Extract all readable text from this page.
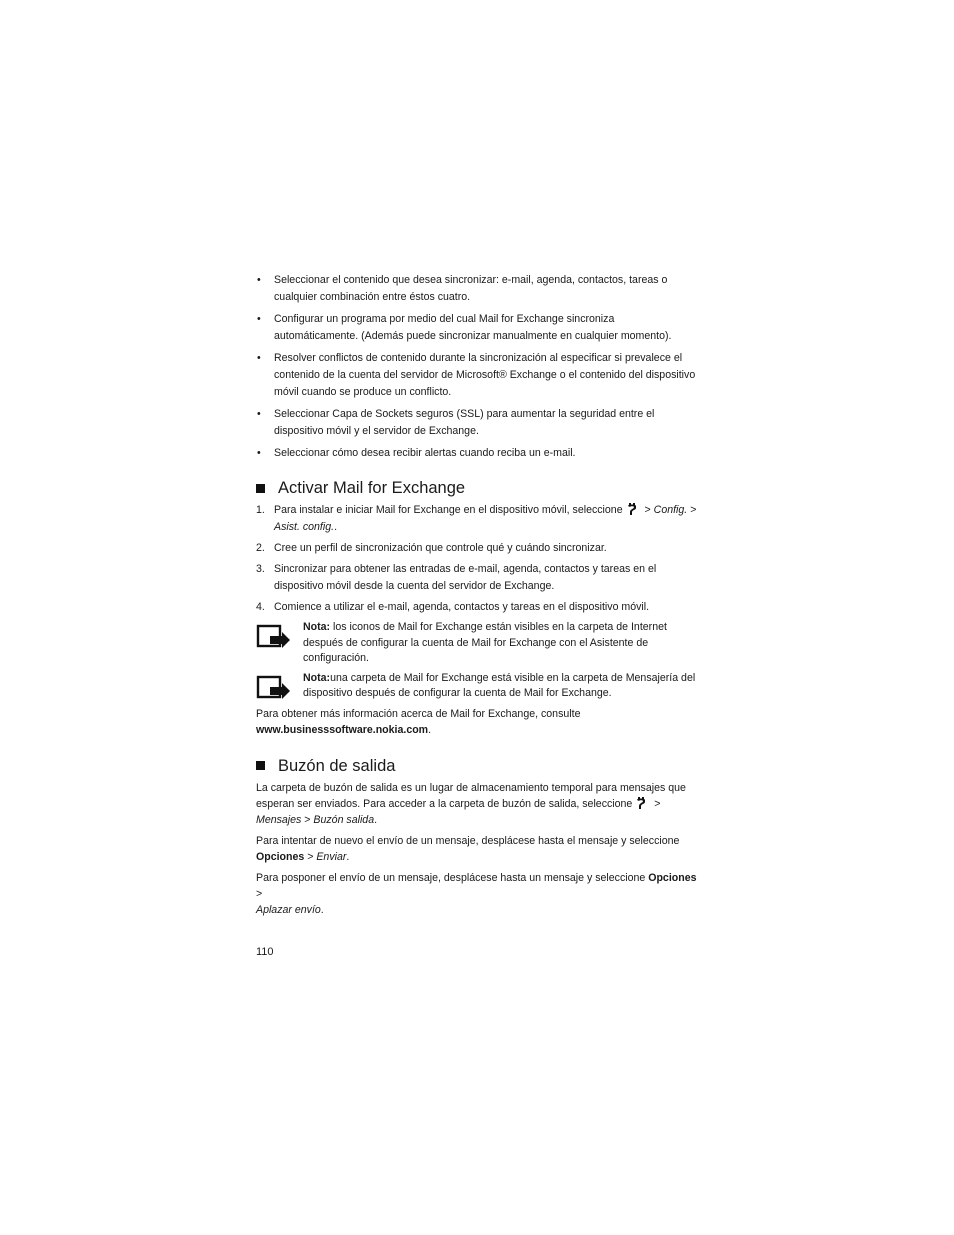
• Seleccionar el contenido que desea sincronizar: e-mail, agenda, contactos, tareas o cualquier combinación entre éstos cuatro.
• Configurar un programa por medio del cual Mail for Exchange sincroniza automáticamente. (Además puede sincronizar manualmente en cualquier momento).
• Resolver conflictos de contenido durante la sincronización al especificar si prevalece el contenido de la cuenta del servidor de Microsoft® Exchange o el contenido del dispositivo móvil cuando se produce un conflicto.
• Seleccionar Capa de Sockets seguros (SSL) para aumentar la seguridad entre el dispositivo móvil y el servidor de Exchange.
• Seleccionar cómo desea recibir alertas cuando reciba un e-mail.
Activar Mail for Exchange
1. Para instalar e iniciar Mail for Exchange en el dispositivo móvil, seleccione > Config. > Asist. config..
2. Cree un perfil de sincronización que controle qué y cuándo sincronizar.
3. Sincronizar para obtener las entradas de e-mail, agenda, contactos y tareas en el dispositivo móvil desde la cuenta del servidor de Exchange.
4. Comience a utilizar el e-mail, agenda, contactos y tareas en el dispositivo móvil.
Nota: los iconos de Mail for Exchange están visibles en la carpeta de Internet después de configurar la cuenta de Mail for Exchange con el Asistente de configuración.
Nota:una carpeta de Mail for Exchange está visible en la carpeta de Mensajería del dispositivo después de configurar la cuenta de Mail for Exchange.

Para obtener más información acerca de Mail for Exchange, consulte
www.businesssoftware.nokia.com.

Buzón de salida

La carpeta de buzón de salida es un lugar de almacenamiento temporal para mensajes que esperan ser enviados. Para acceder a la carpeta de buzón de salida, seleccione >
Mensajes > Buzón salida.

Para intentar de nuevo el envío de un mensaje, desplácese hasta el mensaje y seleccione Opciones > Enviar.

Para posponer el envío de un mensaje, desplácese hasta un mensaje y seleccione Opciones >
Aplazar envío.

110
